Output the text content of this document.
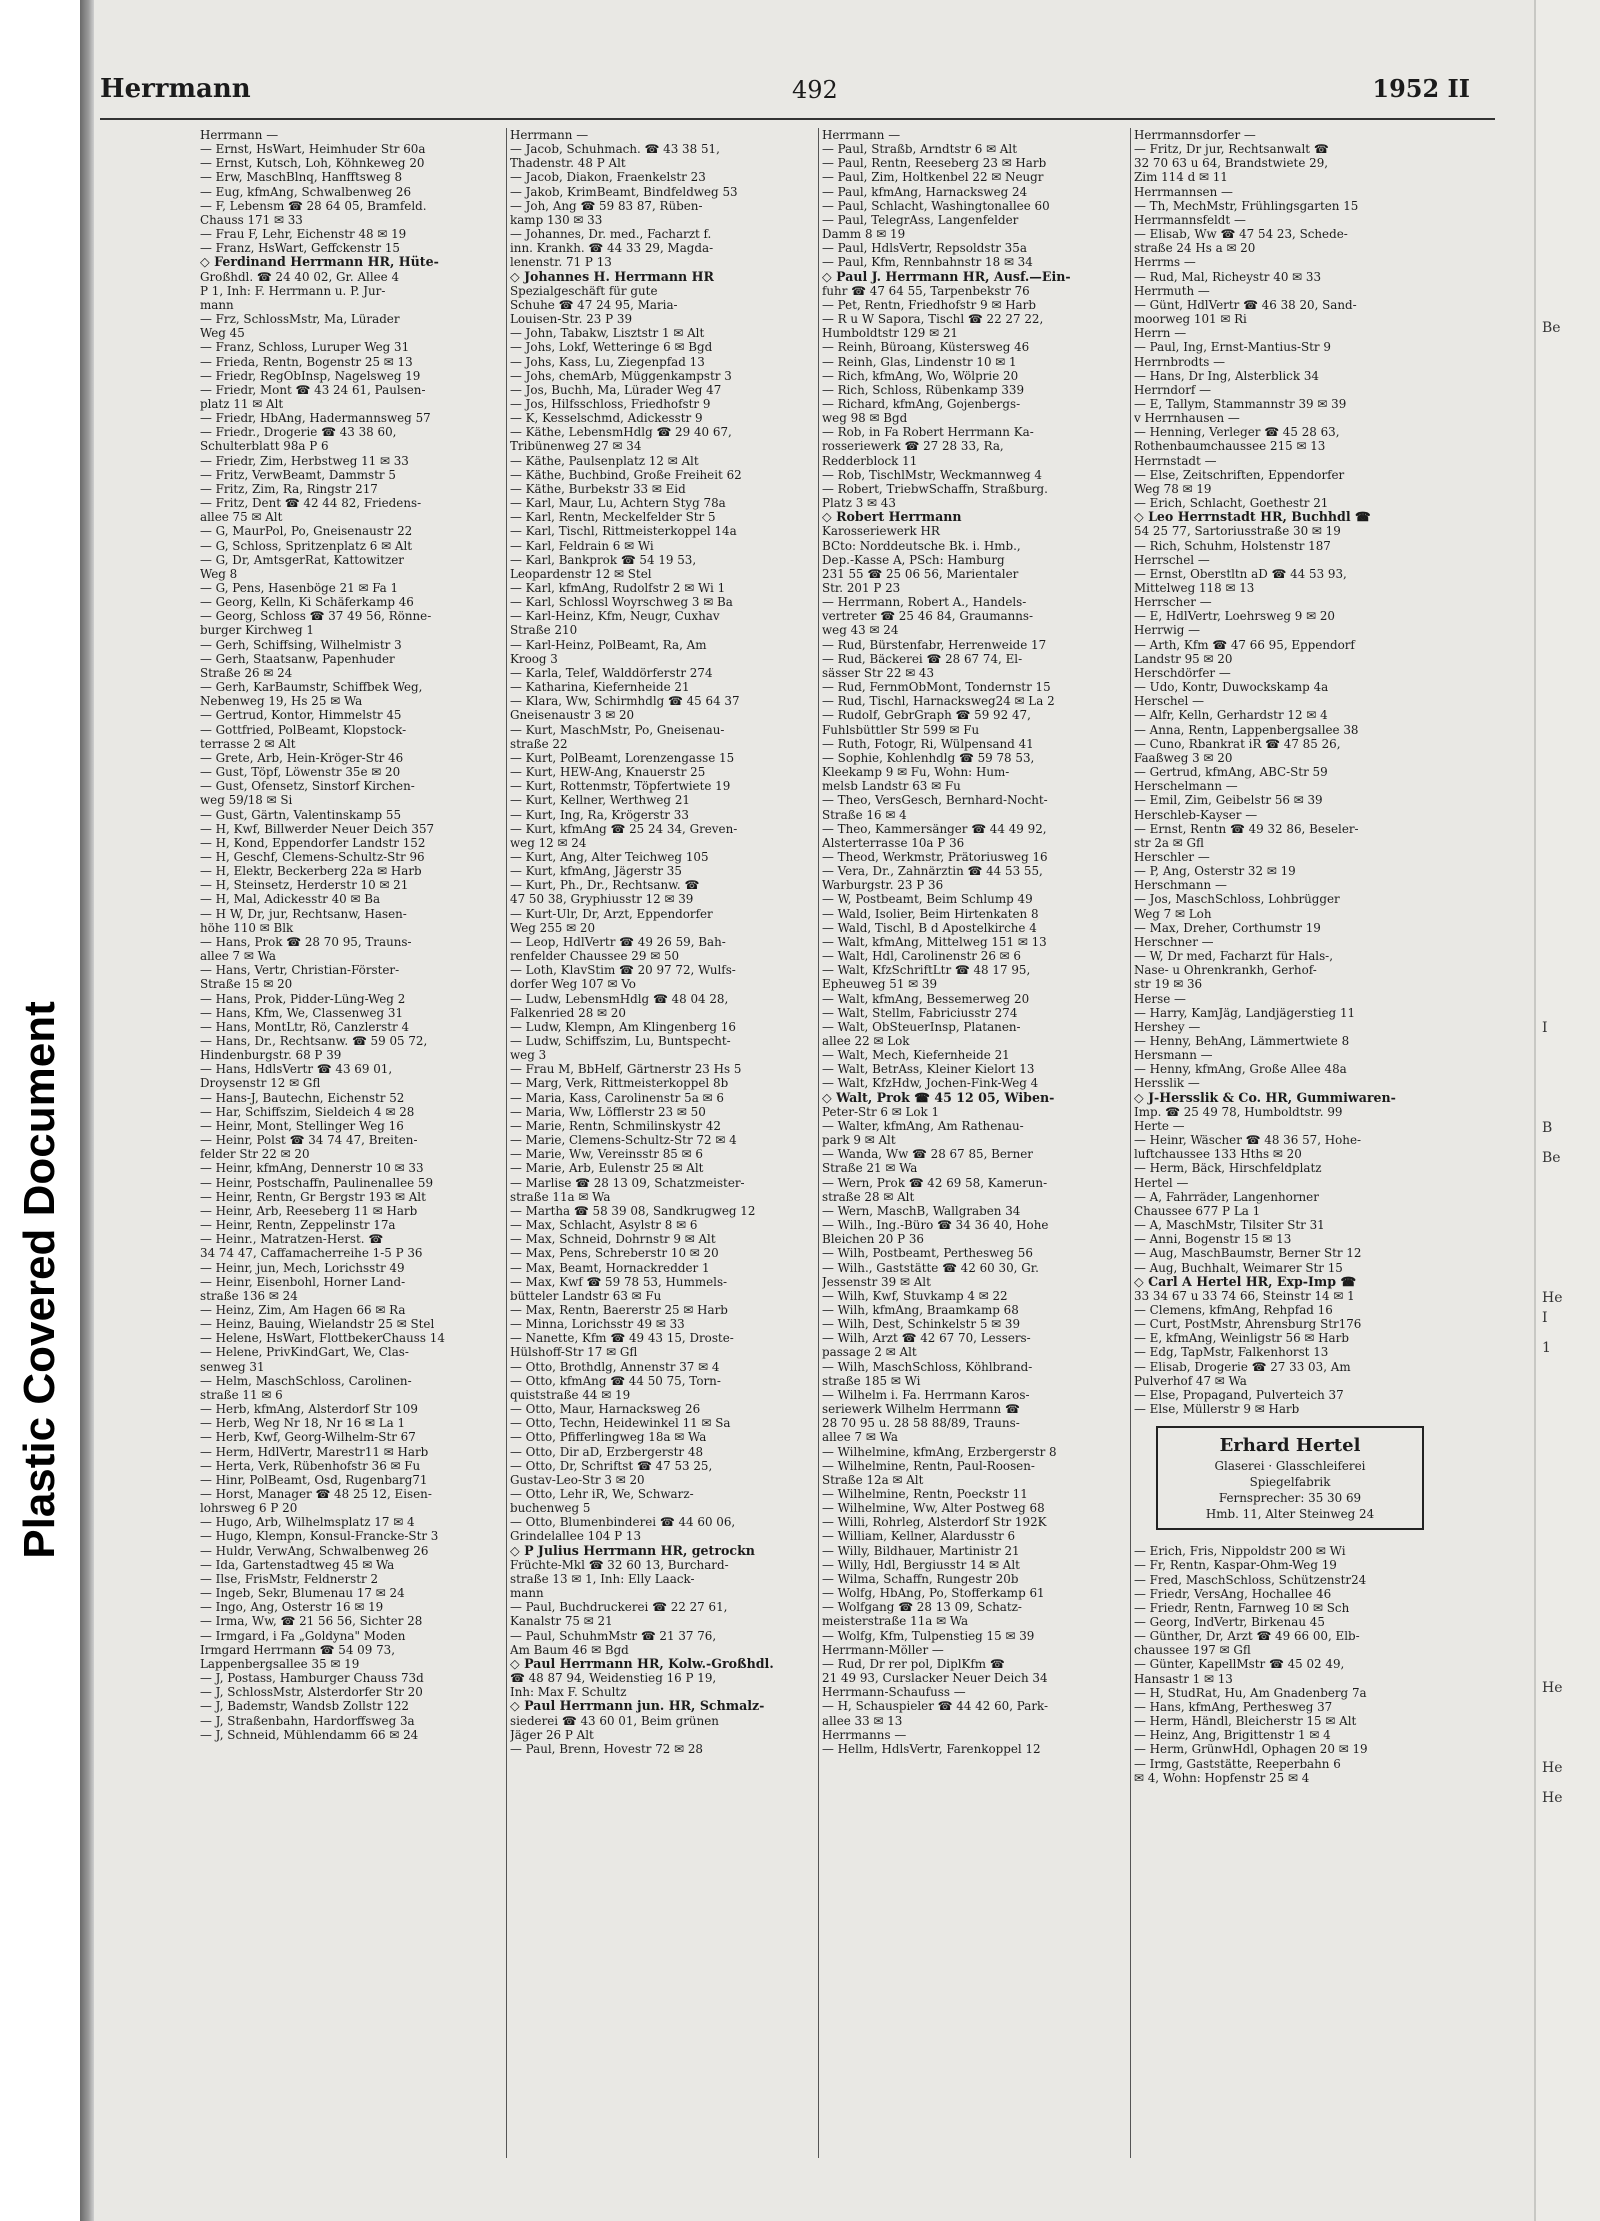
Plastic Covered Document
Herrmann	492	1952 II
Herrmann —
— Ernst, HsWart, Heimhuder Str 60a
— Ernst, Kutsch, Loh, Köhnkeweg 20
— Erw, MaschBlnq, Hanfftsweg 8
— Eug, kfmAng, Schwalbenweg 26
— F, Lebensm ☎ 28 64 05, Bramfeld.
Chauss 171 ✉ 33
— Frau F, Lehr, Eichenstr 48 ✉ 19
— Franz, HsWart, Geffckenstr 15
◇ Ferdinand Herrmann HR, Hüte-
Großhdl. ☎ 24 40 02, Gr. Allee 4
P 1, Inh: F. Herrmann u. P. Jur-
mann
— Frz, SchlossMstr, Ma, Lürader
Weg 45
— Franz, Schloss, Luruper Weg 31
— Frieda, Rentn, Bogenstr 25 ✉ 13
— Friedr, RegObInsp, Nagelsweg 19
— Friedr, Mont ☎ 43 24 61, Paulsen-
platz 11 ✉ Alt
— Friedr, HbAng, Hadermannsweg 57
— Friedr., Drogerie ☎ 43 38 60,
Schulterblatt 98a P 6
— Friedr, Zim, Herbstweg 11 ✉ 33
— Fritz, VerwBeamt, Dammstr 5
— Fritz, Zim, Ra, Ringstr 217
— Fritz, Dent ☎ 42 44 82, Friedens-
allee 75 ✉ Alt
— G, MaurPol, Po, Gneisenaustr 22
— G, Schloss, Spritzenplatz 6 ✉ Alt
— G, Dr, AmtsgerRat, Kattowitzer
Weg 8
— G, Pens, Hasenböge 21 ✉ Fa 1
— Georg, Kelln, Ki Schäferkamp 46
— Georg, Schloss ☎ 37 49 56, Rönne-
burger Kirchweg 1
— Gerh, Schiffsing, Wilhelmistr 3
— Gerh, Staatsanw, Papenhuder
Straße 26 ✉ 24
— Gerh, KarBaumstr, Schiffbek Weg,
Nebenweg 19, Hs 25 ✉ Wa
— Gertrud, Kontor, Himmelstr 45
— Gottfried, PolBeamt, Klopstock-
terrasse 2 ✉ Alt
— Grete, Arb, Hein-Kröger-Str 46
— Gust, Töpf, Löwenstr 35e ✉ 20
— Gust, Ofensetz, Sinstorf Kirchen-
weg 59/18 ✉ Si
— Gust, Gärtn, Valentinskamp 55
— H, Kwf, Billwerder Neuer Deich 357
— H, Kond, Eppendorfer Landstr 152
— H, Geschf, Clemens-Schultz-Str 96
— H, Elektr, Beckerberg 22a ✉ Harb
— H, Steinsetz, Herderstr 10 ✉ 21
— H, Mal, Adickesstr 40 ✉ Ba
— H W, Dr, jur, Rechtsanw, Hasen-
höhe 110 ✉ Blk
— Hans, Prok ☎ 28 70 95, Trauns-
allee 7 ✉ Wa
— Hans, Vertr, Christian-Förster-
Straße 15 ✉ 20
— Hans, Prok, Pidder-Lüng-Weg 2
— Hans, Kfm, We, Classenweg 31
— Hans, MontLtr, Rö, Canzlerstr 4
— Hans, Dr., Rechtsanw. ☎ 59 05 72,
Hindenburgstr. 68 P 39
— Hans, HdlsVertr ☎ 43 69 01,
Droysenstr 12 ✉ Gfl
— Hans-J, Bautechn, Eichenstr 52
— Har, Schiffszim, Sieldeich 4 ✉ 28
— Heinr, Mont, Stellinger Weg 16
— Heinr, Polst ☎ 34 74 47, Breiten-
felder Str 22 ✉ 20
— Heinr, kfmAng, Dennerstr 10 ✉ 33
— Heinr, Postschaffn, Paulinenallee 59
— Heinr, Rentn, Gr Bergstr 193 ✉ Alt
— Heinr, Arb, Reeseberg 11 ✉ Harb
— Heinr, Rentn, Zeppelinstr 17a
— Heinr., Matratzen-Herst. ☎
34 74 47, Caffamacherreihe 1-5 P 36
— Heinr, jun, Mech, Lorichsstr 49
— Heinr, Eisenbohl, Horner Land-
straße 136 ✉ 24
— Heinz, Zim, Am Hagen 66 ✉ Ra
— Heinz, Bauing, Wielandstr 25 ✉ Stel
— Helene, HsWart, FlottbekerChauss 14
— Helene, PrivKindGart, We, Clas-
senweg 31
— Helm, MaschSchloss, Carolinen-
straße 11 ✉ 6
— Herb, kfmAng, Alsterdorf Str 109
— Herb, Weg Nr 18, Nr 16 ✉ La 1
— Herb, Kwf, Georg-Wilhelm-Str 67
— Herm, HdlVertr, Marestr11 ✉ Harb
— Herta, Verk, Rübenhofstr 36 ✉ Fu
— Hinr, PolBeamt, Osd, Rugenbarg71
— Horst, Manager ☎ 48 25 12, Eisen-
lohrsweg 6 P 20
— Hugo, Arb, Wilhelmsplatz 17 ✉ 4
— Hugo, Klempn, Konsul-Francke-Str 3
— Huldr, VerwAng, Schwalbenweg 26
— Ida, Gartenstadtweg 45 ✉ Wa
— Ilse, FrisMstr, Feldnerstr 2
— Ingeb, Sekr, Blumenau 17 ✉ 24
— Ingo, Ang, Osterstr 16 ✉ 19
— Irma, Ww, ☎ 21 56 56, Sichter 28
— Irmgard, i Fa „Goldyna" Moden
Irmgard Herrmann ☎ 54 09 73,
Lappenbergsallee 35 ✉ 19
— J, Postass, Hamburger Chauss 73d
— J, SchlossMstr, Alsterdorfer Str 20
— J, Bademstr, Wandsb Zollstr 122
— J, Straßenbahn, Hardorffsweg 3a
— J, Schneid, Mühlendamm 66 ✉ 24
Herrmann —
— Jacob, Schuhmach. ☎ 43 38 51,
Thadenstr. 48 P Alt
— Jacob, Diakon, Fraenkelstr 23
— Jakob, KrimBeamt, Bindfeldweg 53
— Joh, Ang ☎ 59 83 87, Rüben-
kamp 130 ✉ 33
— Johannes, Dr. med., Facharzt f.
inn. Krankh. ☎ 44 33 29, Magda-
lenenstr. 71 P 13
◇ Johannes H. Herrmann HR
Spezialgeschäft für gute
Schuhe ☎ 47 24 95, Maria-
Louisen-Str. 23 P 39
— John, Tabakw, Lisztstr 1 ✉ Alt
— Johs, Lokf, Wetteringe 6 ✉ Bgd
— Johs, Kass, Lu, Ziegenpfad 13
— Johs, chemArb, Müggenkampstr 3
— Jos, Buchh, Ma, Lürader Weg 47
— Jos, Hilfsschloss, Friedhofstr 9
— K, Kesselschmd, Adickesstr 9
— Käthe, LebensmHdlg ☎ 29 40 67,
Tribünenweg 27 ✉ 34
— Käthe, Paulsenplatz 12 ✉ Alt
— Käthe, Buchbind, Große Freiheit 62
— Käthe, Burbekstr 33 ✉ Eid
— Karl, Maur, Lu, Achtern Styg 78a
— Karl, Rentn, Meckelfelder Str 5
— Karl, Tischl, Rittmeisterkoppel 14a
— Karl, Feldrain 6 ✉ Wi
— Karl, Bankprok ☎ 54 19 53,
Leopardenstr 12 ✉ Stel
— Karl, kfmAng, Rudolfstr 2 ✉ Wi 1
— Karl, Schlossl Woyrschweg 3 ✉ Ba
— Karl-Heinz, Kfm, Neugr, Cuxhav
Straße 210
— Karl-Heinz, PolBeamt, Ra, Am
Kroog 3
— Karla, Telef, Walddörferstr 274
— Katharina, Kiefernheide 21
— Klara, Ww, Schirmhdlg ☎ 45 64 37
Gneisenaustr 3 ✉ 20
— Kurt, MaschMstr, Po, Gneisenau-
straße 22
— Kurt, PolBeamt, Lorenzengasse 15
— Kurt, HEW-Ang, Knauerstr 25
— Kurt, Rottenmstr, Töpfertwiete 19
— Kurt, Kellner, Werthweg 21
— Kurt, Ing, Ra, Krögerstr 33
— Kurt, kfmAng ☎ 25 24 34, Greven-
weg 12 ✉ 24
— Kurt, Ang, Alter Teichweg 105
— Kurt, kfmAng, Jägerstr 35
— Kurt, Ph., Dr., Rechtsanw. ☎
47 50 38, Gryphiusstr 12 ✉ 39
— Kurt-Ulr, Dr, Arzt, Eppendorfer
Weg 255 ✉ 20
— Leop, HdlVertr ☎ 49 26 59, Bah-
renfelder Chaussee 29 ✉ 50
— Loth, KlavStim ☎ 20 97 72, Wulfs-
dorfer Weg 107 ✉ Vo
— Ludw, LebensmHdlg ☎ 48 04 28,
Falkenried 28 ✉ 20
— Ludw, Klempn, Am Klingenberg 16
— Ludw, Schiffszim, Lu, Buntspecht-
weg 3
— Frau M, BbHelf, Gärtnerstr 23 Hs 5
— Marg, Verk, Rittmeisterkoppel 8b
— Maria, Kass, Carolinenstr 5a ✉ 6
— Maria, Ww, Löfflerstr 23 ✉ 50
— Marie, Rentn, Schmilinskystr 42
— Marie, Clemens-Schultz-Str 72 ✉ 4
— Marie, Ww, Vereinsstr 85 ✉ 6
— Marie, Arb, Eulenstr 25 ✉ Alt
— Marlise ☎ 28 13 09, Schatzmeister-
straße 11a ✉ Wa
— Martha ☎ 58 39 08, Sandkrugweg 12
— Max, Schlacht, Asylstr 8 ✉ 6
— Max, Schneid, Dohrnstr 9 ✉ Alt
— Max, Pens, Schreberstr 10 ✉ 20
— Max, Beamt, Hornackredder 1
— Max, Kwf ☎ 59 78 53, Hummels-
bütteler Landstr 63 ✉ Fu
— Max, Rentn, Baererstr 25 ✉ Harb
— Minna, Lorichsstr 49 ✉ 33
— Nanette, Kfm ☎ 49 43 15, Droste-
Hülshoff-Str 17 ✉ Gfl
— Otto, Brothdlg, Annenstr 37 ✉ 4
— Otto, kfmAng ☎ 44 50 75, Torn-
quiststraße 44 ✉ 19
— Otto, Maur, Harnacksweg 26
— Otto, Techn, Heidewinkel 11 ✉ Sa
— Otto, Pfifferlingweg 18a ✉ Wa
— Otto, Dir aD, Erzbergerstr 48
— Otto, Dr, Schriftst ☎ 47 53 25,
Gustav-Leo-Str 3 ✉ 20
— Otto, Lehr iR, We, Schwarz-
buchenweg 5
— Otto, Blumenbinderei ☎ 44 60 06,
Grindelallee 104 P 13
◇ P Julius Herrmann HR, getrockn
Früchte-Mkl ☎ 32 60 13, Burchard-
straße 13 ✉ 1, Inh: Elly Laack-
mann
— Paul, Buchdruckerei ☎ 22 27 61,
Kanalstr 75 ✉ 21
— Paul, SchuhmMstr ☎ 21 37 76,
Am Baum 46 ✉ Bgd
◇ Paul Herrmann HR, Kolw.-Großhdl.
☎ 48 87 94, Weidenstieg 16 P 19,
Inh: Max F. Schultz
◇ Paul Herrmann jun. HR, Schmalz-
siederei ☎ 43 60 01, Beim grünen
Jäger 26 P Alt
— Paul, Brenn, Hovestr 72 ✉ 28
Herrmann —
— Paul, Straßb, Arndtstr 6 ✉ Alt
— Paul, Rentn, Reeseberg 23 ✉ Harb
— Paul, Zim, Holtkenbel 22 ✉ Neugr
— Paul, kfmAng, Harnacksweg 24
— Paul, Schlacht, Washingtonallee 60
— Paul, TelegrAss, Langenfelder
Damm 8 ✉ 19
— Paul, HdlsVertr, Repsoldstr 35a
— Paul, Kfm, Rennbahnstr 18 ✉ 34
◇ Paul J. Herrmann HR, Ausf.—Ein-
fuhr ☎ 47 64 55, Tarpenbekstr 76
— Pet, Rentn, Friedhofstr 9 ✉ Harb
— R u W Sapora, Tischl ☎ 22 27 22,
Humboldtstr 129 ✉ 21
— Reinh, Büroang, Küstersweg 46
— Reinh, Glas, Lindenstr 10 ✉ 1
— Rich, kfmAng, Wo, Wölprie 20
— Rich, Schloss, Rübenkamp 339
— Richard, kfmAng, Gojenbergs-
weg 98 ✉ Bgd
— Rob, in Fa Robert Herrmann Ka-
rosseriewerk ☎ 27 28 33, Ra,
Redderblock 11
— Rob, TischlMstr, Weckmannweg 4
— Robert, TriebwSchaffn, Straßburg.
Platz 3 ✉ 43
◇ Robert Herrmann
Karosseriewerk HR
BCto: Norddeutsche Bk. i. Hmb.,
Dep.-Kasse A, PSch: Hamburg
231 55 ☎ 25 06 56, Marientaler
Str. 201 P 23
— Herrmann, Robert A., Handels-
vertreter ☎ 25 46 84, Graumanns-
weg 43 ✉ 24
— Rud, Bürstenfabr, Herrenweide 17
— Rud, Bäckerei ☎ 28 67 74, El-
sässer Str 22 ✉ 43
— Rud, FernmObMont, Tondernstr 15
— Rud, Tischl, Harnacksweg24 ✉ La 2
— Rudolf, GebrGraph ☎ 59 92 47,
Fuhlsbüttler Str 599 ✉ Fu
— Ruth, Fotogr, Ri, Wülpensand 41
— Sophie, Kohlenhdlg ☎ 59 78 53,
Kleekamp 9 ✉ Fu, Wohn: Hum-
melsb Landstr 63 ✉ Fu
— Theo, VersGesch, Bernhard-Nocht-
Straße 16 ✉ 4
— Theo, Kammersänger ☎ 44 49 92,
Alsterterrasse 10a P 36
— Theod, Werkmstr, Prätoriusweg 16
— Vera, Dr., Zahnärztin ☎ 44 53 55,
Warburgstr. 23 P 36
— W, Postbeamt, Beim Schlump 49
— Wald, Isolier, Beim Hirtenkaten 8
— Wald, Tischl, B d Apostelkirche 4
— Walt, kfmAng, Mittelweg 151 ✉ 13
— Walt, Hdl, Carolinenstr 26 ✉ 6
— Walt, KfzSchriftLtr ☎ 48 17 95,
Epheuweg 51 ✉ 39
— Walt, kfmAng, Bessemerweg 20
— Walt, Stellm, Fabriciusstr 274
— Walt, ObSteuerInsp, Platanen-
allee 22 ✉ Lok
— Walt, Mech, Kiefernheide 21
— Walt, BetrAss, Kleiner Kielort 13
— Walt, KfzHdw, Jochen-Fink-Weg 4
◇ Walt, Prok ☎ 45 12 05, Wiben-
Peter-Str 6 ✉ Lok 1
— Walter, kfmAng, Am Rathenau-
park 9 ✉ Alt
— Wanda, Ww ☎ 28 67 85, Berner
Straße 21 ✉ Wa
— Wern, Prok ☎ 42 69 58, Kamerun-
straße 28 ✉ Alt
— Wern, MaschB, Wallgraben 34
— Wilh., Ing.-Büro ☎ 34 36 40, Hohe
Bleichen 20 P 36
— Wilh, Postbeamt, Perthesweg 56
— Wilh., Gaststätte ☎ 42 60 30, Gr.
Jessenstr 39 ✉ Alt
— Wilh, Kwf, Stuvkamp 4 ✉ 22
— Wilh, kfmAng, Braamkamp 68
— Wilh, Dest, Schinkelstr 5 ✉ 39
— Wilh, Arzt ☎ 42 67 70, Lessers-
passage 2 ✉ Alt
— Wilh, MaschSchloss, Köhlbrand-
straße 185 ✉ Wi
— Wilhelm i. Fa. Herrmann Karos-
seriewerk Wilhelm Herrmann ☎
28 70 95 u. 28 58 88/89, Trauns-
allee 7 ✉ Wa
— Wilhelmine, kfmAng, Erzbergerstr 8
— Wilhelmine, Rentn, Paul-Roosen-
Straße 12a ✉ Alt
— Wilhelmine, Rentn, Poeckstr 11
— Wilhelmine, Ww, Alter Postweg 68
— Willi, Rohrleg, Alsterdorf Str 192K
— William, Kellner, Alardusstr 6
— Willy, Bildhauer, Martinistr 21
— Willy, Hdl, Bergiusstr 14 ✉ Alt
— Wilma, Schaffn, Rungestr 20b
— Wolfg, HbAng, Po, Stofferkamp 61
— Wolfgang ☎ 28 13 09, Schatz-
meisterstraße 11a ✉ Wa
— Wolfg, Kfm, Tulpenstieg 15 ✉ 39
Herrmann-Möller —
— Rud, Dr rer pol, DiplKfm ☎
21 49 93, Curslacker Neuer Deich 34
Herrmann-Schaufuss —
— H, Schauspieler ☎ 44 42 60, Park-
allee 33 ✉ 13
Herrmanns —
— Hellm, HdlsVertr, Farenkoppel 12
Herrmannsdorfer —
— Fritz, Dr jur, Rechtsanwalt ☎
32 70 63 u 64, Brandstwiete 29,
Zim 114 d ✉ 11
Herrmannsen —
— Th, MechMstr, Frühlingsgarten 15
Herrmannsfeldt —
— Elisab, Ww ☎ 47 54 23, Schede-
straße 24 Hs a ✉ 20
Herrms —
— Rud, Mal, Richeystr 40 ✉ 33
Herrmuth —
— Günt, HdlVertr ☎ 46 38 20, Sand-
moorweg 101 ✉ Ri
Herrn —
— Paul, Ing, Ernst-Mantius-Str 9
Herrnbrodts —
— Hans, Dr Ing, Alsterblick 34
Herrndorf —
— E, Tallym, Stammannstr 39 ✉ 39
v Herrnhausen —
— Henning, Verleger ☎ 45 28 63,
Rothenbaumchaussee 215 ✉ 13
Herrnstadt —
— Else, Zeitschriften, Eppendorfer
Weg 78 ✉ 19
— Erich, Schlacht, Goethestr 21
◇ Leo Herrnstadt HR, Buchhdl ☎
54 25 77, Sartoriusstraße 30 ✉ 19
— Rich, Schuhm, Holstenstr 187
Herrschel —
— Ernst, Oberstltn aD ☎ 44 53 93,
Mittelweg 118 ✉ 13
Herrscher —
— E, HdlVertr, Loehrsweg 9 ✉ 20
Herrwig —
— Arth, Kfm ☎ 47 66 95, Eppendorf
Landstr 95 ✉ 20
Herschdörfer —
— Udo, Kontr, Duwockskamp 4a
Herschel —
— Alfr, Kelln, Gerhardstr 12 ✉ 4
— Anna, Rentn, Lappenbergsallee 38
— Cuno, Rbankrat iR ☎ 47 85 26,
Faaßweg 3 ✉ 20
— Gertrud, kfmAng, ABC-Str 59
Herschelmann —
— Emil, Zim, Geibelstr 56 ✉ 39
Herschleb-Kayser —
— Ernst, Rentn ☎ 49 32 86, Beseler-
str 2a ✉ Gfl
Herschler —
— P, Ang, Osterstr 32 ✉ 19
Herschmann —
— Jos, MaschSchloss, Lohbrügger
Weg 7 ✉ Loh
— Max, Dreher, Corthumstr 19
Herschner —
— W, Dr med, Facharzt für Hals-,
Nase- u Ohrenkrankh, Gerhof-
str 19 ✉ 36
Herse —
— Harry, KamJäg, Landjägerstieg 11
Hershey —
— Henny, BehAng, Lämmertwiete 8
Hersmann —
— Henny, kfmAng, Große Allee 48a
Hersslik —
◇ J-Hersslik & Co. HR, Gummiwaren-
Imp. ☎ 25 49 78, Humboldtstr. 99
Herte —
— Heinr, Wäscher ☎ 48 36 57, Hohe-
luftchaussee 133 Hths ✉ 20
— Herm, Bäck, Hirschfeldplatz
Hertel —
— A, Fahrräder, Langenhorner
Chaussee 677 P La 1
— A, MaschMstr, Tilsiter Str 31
— Anni, Bogenstr 15 ✉ 13
— Aug, MaschBaumstr, Berner Str 12
— Aug, Buchhalt, Weimarer Str 15
◇ Carl A Hertel HR, Exp-Imp ☎
33 34 67 u 33 74 66, Steinstr 14 ✉ 1
— Clemens, kfmAng, Rehpfad 16
— Curt, PostMstr, Ahrensburg Str176
— E, kfmAng, Weinligstr 56 ✉ Harb
— Edg, TapMstr, Falkenhorst 13
— Elisab, Drogerie ☎ 27 33 03, Am
Pulverhof 47 ✉ Wa
— Else, Propagand, Pulverteich 37
— Else, Müllerstr 9 ✉ Harb
Erhard Hertel
Glaserei · Glasschleiferei
Spiegelfabrik
Fernsprecher: 35 30 69
Hmb. 11, Alter Steinweg 24
— Erich, Fris, Nippoldstr 200 ✉ Wi
— Fr, Rentn, Kaspar-Ohm-Weg 19
— Fred, MaschSchloss, Schützenstr24
— Friedr, VersAng, Hochallee 46
— Friedr, Rentn, Farnweg 10 ✉ Sch
— Georg, IndVertr, Birkenau 45
— Günther, Dr, Arzt ☎ 49 66 00, Elb-
chaussee 197 ✉ Gfl
— Günter, KapellMstr ☎ 45 02 49,
Hansastr 1 ✉ 13
— H, StudRat, Hu, Am Gnadenberg 7a
— Hans, kfmAng, Perthesweg 37
— Herm, Händl, Bleicherstr 15 ✉ Alt
— Heinz, Ang, Brigittenstr 1 ✉ 4
— Herm, GrünwHdl, Ophagen 20 ✉ 19
— Irmg, Gaststätte, Reeperbahn 6
✉ 4, Wohn: Hopfenstr 25 ✉ 4
Be
I
B
Be
He
I
1
He
He
He
